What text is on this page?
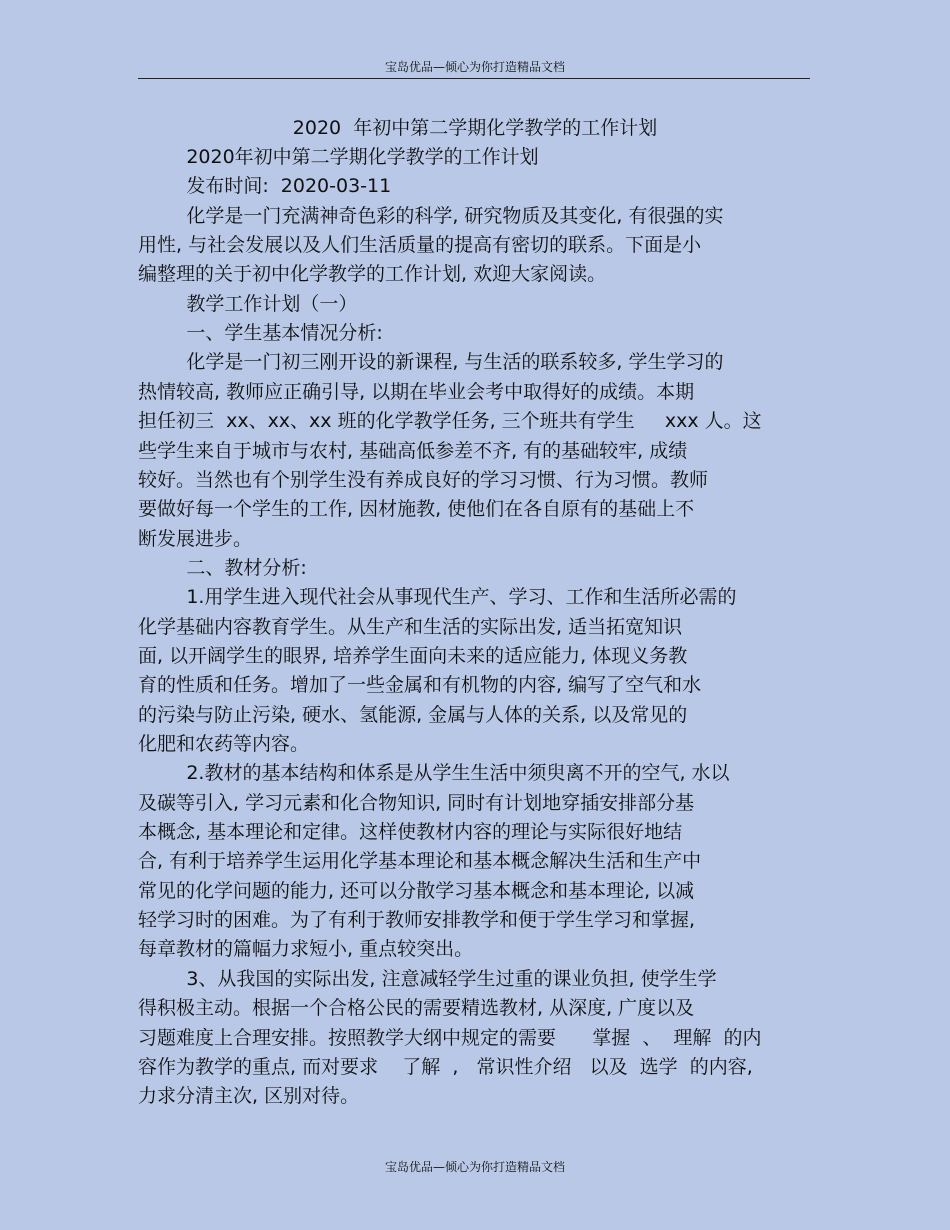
宝岛优品—倾心为你打造精品文档
2020  年初中第二学期化学教学的工作计划
2020年初中第二学期化学教学的工作计划
发布时间:  2020-03-11
化学是一门充满神奇色彩的科学, 研究物质及其变化, 有很强的实
用性, 与社会发展以及人们生活质量的提高有密切的联系。下面是小
编整理的关于初中化学教学的工作计划, 欢迎大家阅读。
教学工作计划（一）
一、学生基本情况分析:
化学是一门初三刚开设的新课程, 与生活的联系较多, 学生学习的
热情较高, 教师应正确引导, 以期在毕业会考中取得好的成绩。本期
担任初三  xx、xx、xx 班的化学教学任务, 三个班共有学生     xxx 人。这
些学生来自于城市与农村, 基础高低参差不齐, 有的基础较牢, 成绩
较好。当然也有个别学生没有养成良好的学习习惯、行为习惯。教师
要做好每一个学生的工作, 因材施教, 使他们在各自原有的基础上不
断发展进步。
二、教材分析:
1.用学生进入现代社会从事现代生产、学习、工作和生活所必需的
化学基础内容教育学生。从生产和生活的实际出发, 适当拓宽知识
面, 以开阔学生的眼界, 培养学生面向未来的适应能力, 体现义务教
育的性质和任务。增加了一些金属和有机物的内容, 编写了空气和水
的污染与防止污染, 硬水、氢能源, 金属与人体的关系, 以及常见的
化肥和农药等内容。
2.教材的基本结构和体系是从学生生活中须臾离不开的空气, 水以
及碳等引入, 学习元素和化合物知识, 同时有计划地穿插安排部分基
本概念, 基本理论和定律。这样使教材内容的理论与实际很好地结
合, 有利于培养学生运用化学基本理论和基本概念解决生活和生产中
常见的化学问题的能力, 还可以分散学习基本概念和基本理论, 以减
轻学习时的困难。为了有利于教师安排教学和便于学生学习和掌握,
每章教材的篇幅力求短小, 重点较突出。
3、从我国的实际出发, 注意减轻学生过重的课业负担, 使学生学
得积极主动。根据一个合格公民的需要精选教材, 从深度, 广度以及
习题难度上合理安排。按照教学大纲中规定的需要      掌握  、  理解  的内
容作为教学的重点, 而对要求    了解  ,   常识性介绍   以及  选学  的内容,
力求分清主次, 区别对待。
宝岛优品—倾心为你打造精品文档
